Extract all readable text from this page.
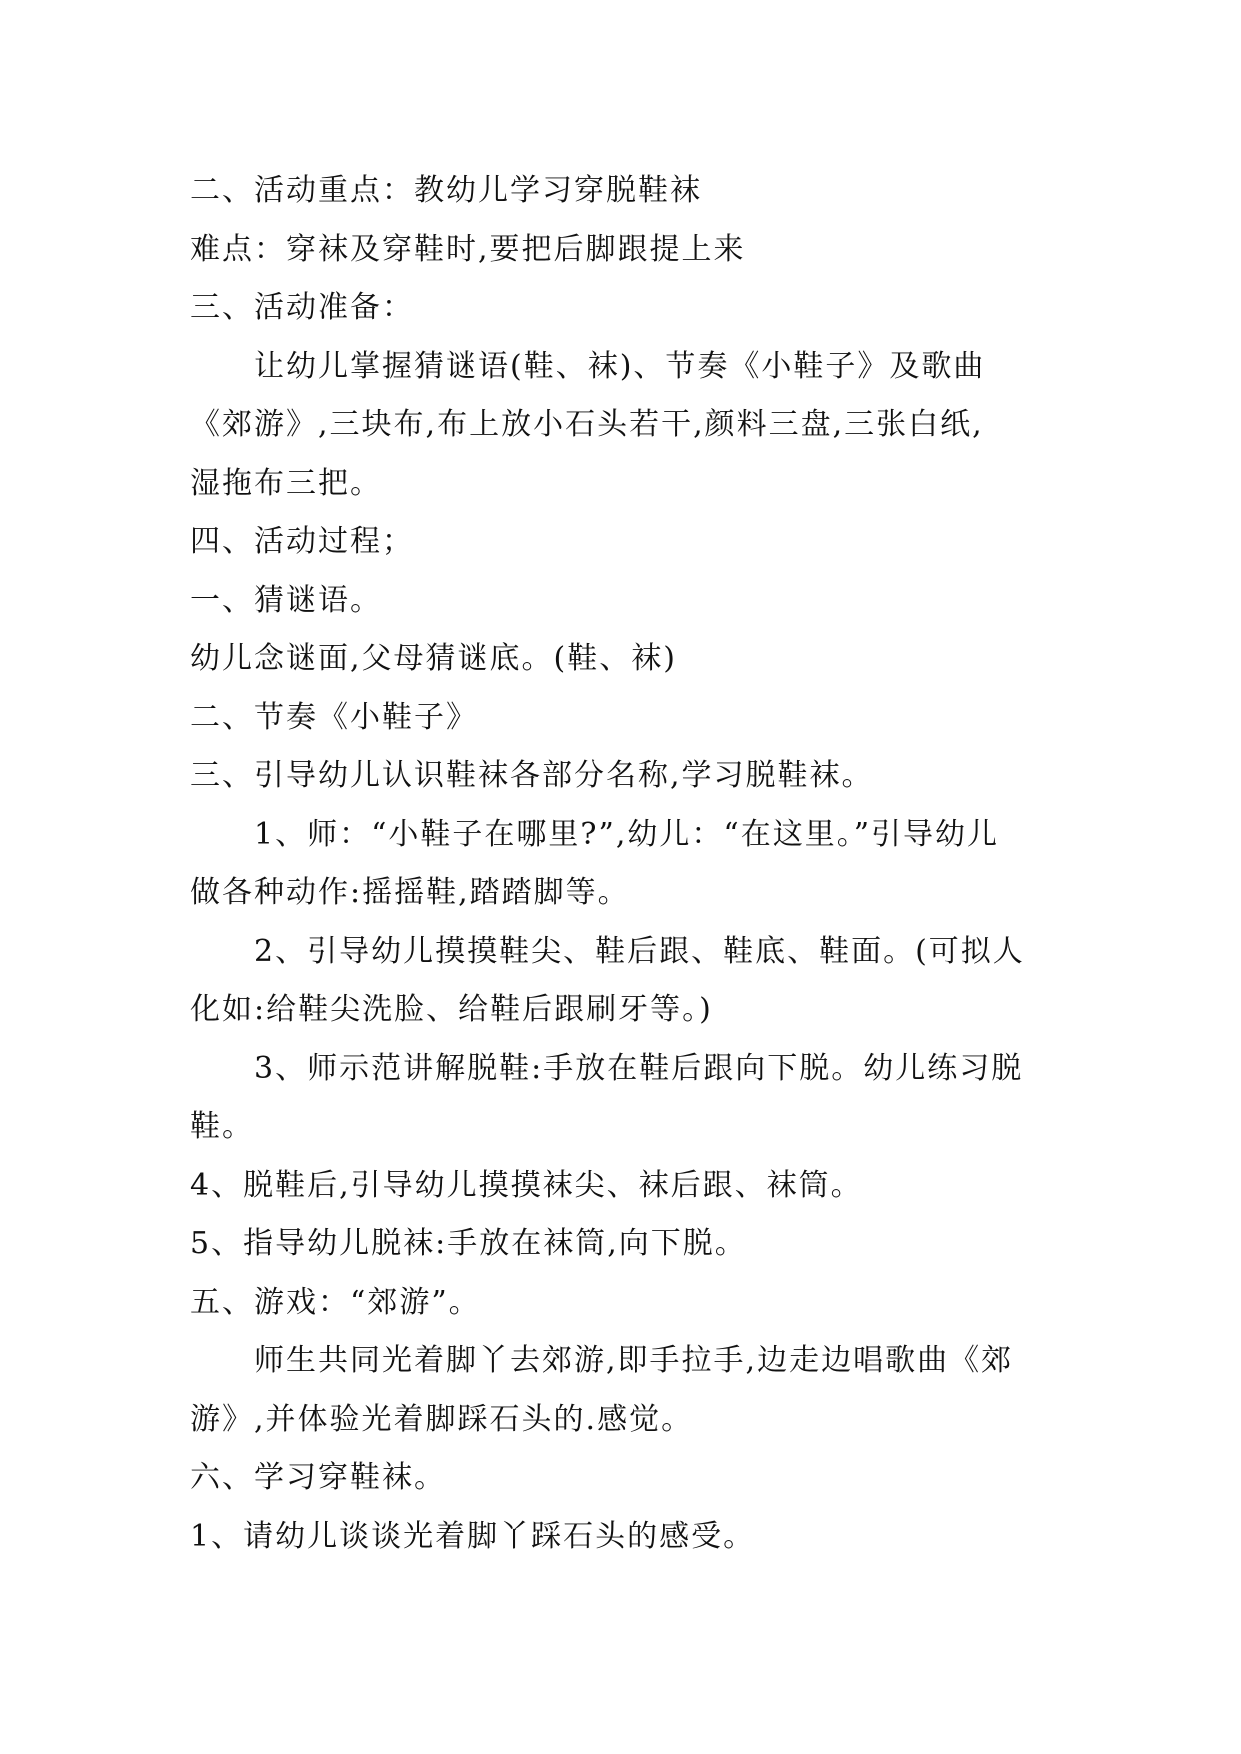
二、活动重点：教幼儿学习穿脱鞋袜

难点：穿袜及穿鞋时,要把后脚跟提上来

三、活动准备：

让幼儿掌握猜谜语(鞋、袜)、节奏《小鞋子》及歌曲
《郊游》,三块布,布上放小石头若干,颜料三盘,三张白纸,
湿拖布三把。

四、活动过程；

一、猜谜语。

幼儿念谜面,父母猜谜底。(鞋、袜)

二、节奏《小鞋子》

三、引导幼儿认识鞋袜各部分名称,学习脱鞋袜。

1、师：“小鞋子在哪里?”,幼儿：“在这里。”引导幼儿
做各种动作:摇摇鞋,踏踏脚等。

2、引导幼儿摸摸鞋尖、鞋后跟、鞋底、鞋面。(可拟人
化如:给鞋尖洗脸、给鞋后跟刷牙等。)

3、师示范讲解脱鞋:手放在鞋后跟向下脱。幼儿练习脱
鞋。

4、脱鞋后,引导幼儿摸摸袜尖、袜后跟、袜筒。

5、指导幼儿脱袜:手放在袜筒,向下脱。

五、游戏：“郊游”。

师生共同光着脚丫去郊游,即手拉手,边走边唱歌曲《郊
游》,并体验光着脚踩石头的.感觉。

六、学习穿鞋袜。

1、请幼儿谈谈光着脚丫踩石头的感受。
